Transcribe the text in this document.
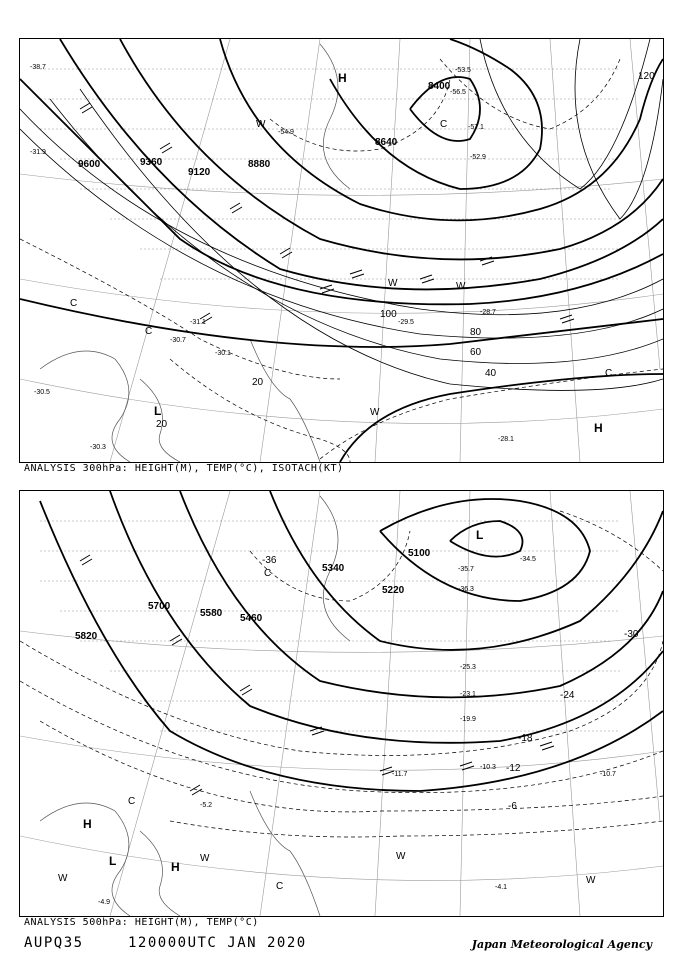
9600	9360
9120
8880
8640
8400
20
40
60
80
100
120
-29.5
-30.1
-31.1
-30.7
-30.5
-28.1
-28.7
-30.3
-31.9
-38.7
-52.9
-54.9
-57.1
-56.5
-53.5
H
L
20	H
C
C
C
C
W
W	W
W
ANALYSIS 300hPa: HEIGHT(M), TEMP(°C), ISOTACH(KT)
5100
5220
5340
5460
5580
5700
5820
-36
-30
-24
-18
-12
-6
-35.7
-36.3
-34.5
-25.3
-23.1
-19.9
-10.7
-11.7
-10.3
-4.1
-4.9
-5.2
L
H
L	H
C
C
C
W	W
W
W
ANALYSIS 500hPa: HEIGHT(M), TEMP(°C)
AUPQ35	120000UTC JAN 2020	Japan Meteorological Agency
